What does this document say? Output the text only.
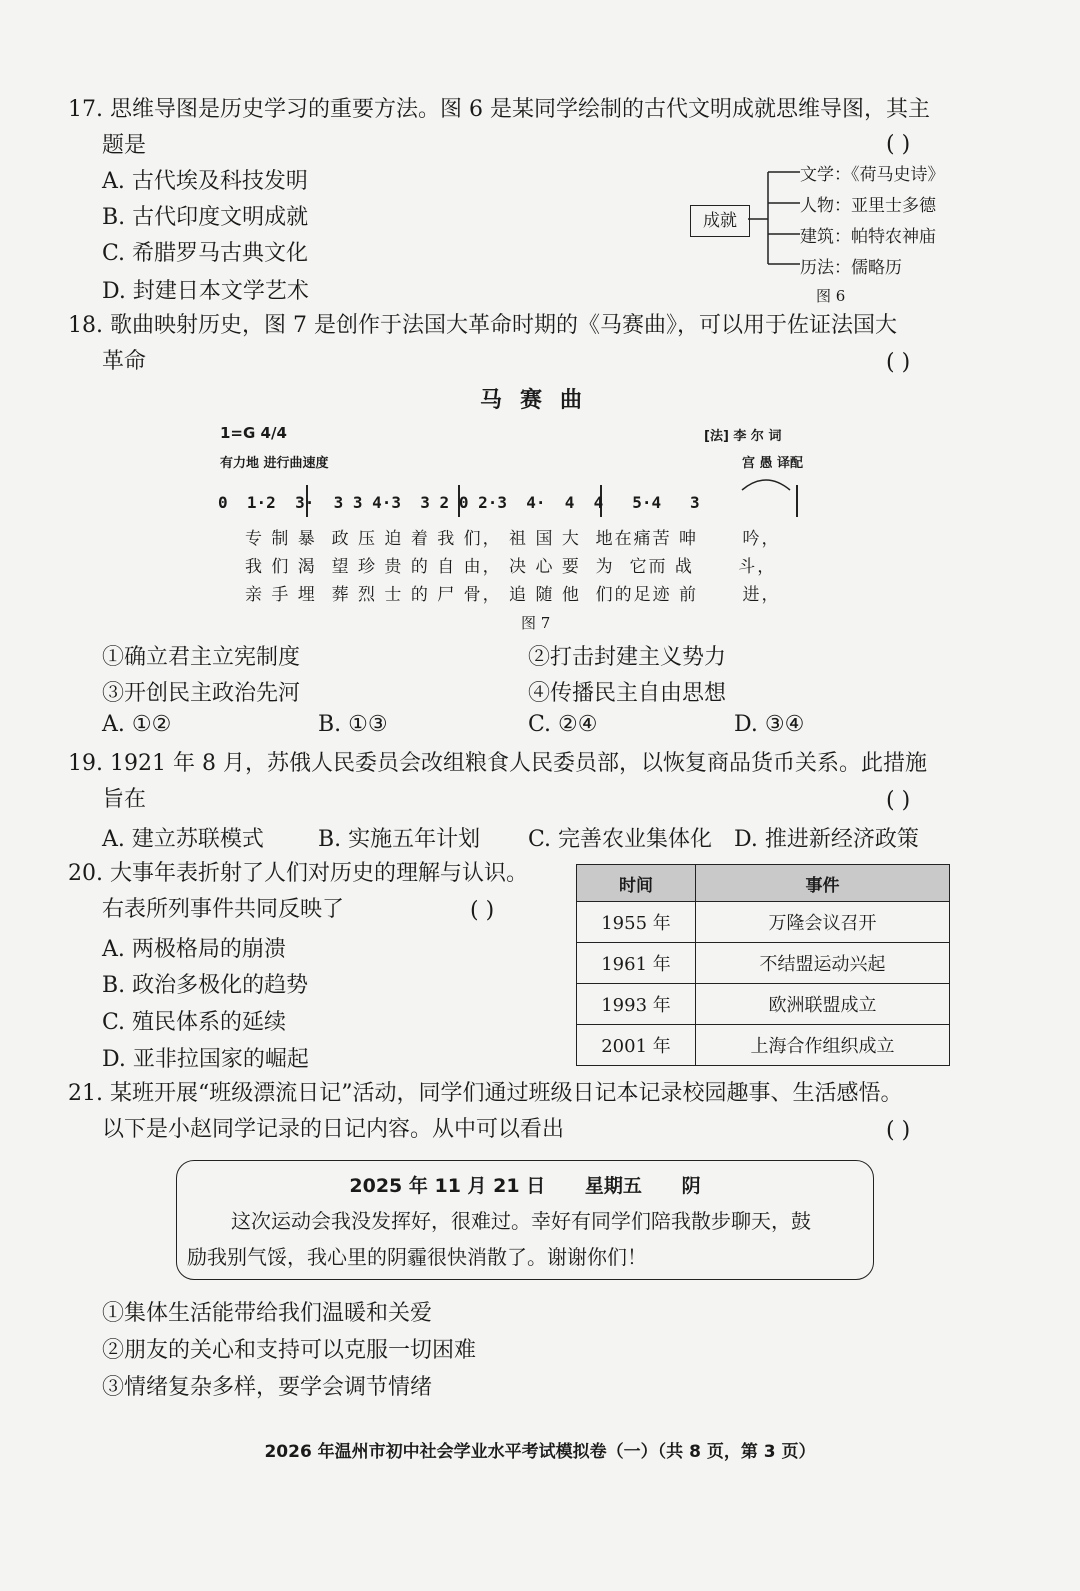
17. 思维导图是历史学习的重要方法。图 6 是某同学绘制的古代文明成就思维导图，其主
题是	( )
A. 古代埃及科技发明
B. 古代印度文明成就
C. 希腊罗马古典文化
D. 封建日本文学艺术
成就
文学：《荷马史诗》
人物：亚里士多德
建筑：帕特农神庙
历法：儒略历
图 6
18. 歌曲映射历史，图 7 是创作于法国大革命时期的《马赛曲》，可以用于佐证法国大
革命	( )
马赛曲
1=G 4/4
有力地 进行曲速度
[法] 李 尔 词
宫 愚 译配
0  1·2  3·  3 3 4·3  3 2 0 2·3  4·  4  4   5·4   3
专 制 暴  政 压 迫 着 我 们， 祖 国 大  地在痛苦 呻      吟，
我 们 渴  望 珍 贵 的 自 由， 决 心 要  为  它而 战      斗，
亲 手 埋  葬 烈 士 的 尸 骨， 追 随 他  们的足迹 前      进，
图 7
①确立君主立宪制度	②打击封建主义势力
③开创民主政治先河	④传播民主自由思想
A. ①②	B. ①③	C. ②④	D. ③④
19. 1921 年 8 月，苏俄人民委员会改组粮食人民委员部，以恢复商品货币关系。此措施
旨在	( )
A. 建立苏联模式 B. 实施五年计划 C. 完善农业集体化 D. 推进新经济政策
20. 大事年表折射了人们对历史的理解与认识。
右表所列事件共同反映了	( )
A. 两极格局的崩溃
B. 政治多极化的趋势
C. 殖民体系的延续
D. 亚非拉国家的崛起
时间	事件
1955 年	万隆会议召开
1961 年	不结盟运动兴起
1993 年	欧洲联盟成立
2001 年	上海合作组织成立
21. 某班开展“班级漂流日记”活动，同学们通过班级日记本记录校园趣事、生活感悟。
以下是小赵同学记录的日记内容。从中可以看出	( )
2025 年 11 月 21 日      星期五      阴
这次运动会我没发挥好，很难过。幸好有同学们陪我散步聊天，鼓
励我别气馁，我心里的阴霾很快消散了。谢谢你们！
①集体生活能带给我们温暖和关爱
②朋友的关心和支持可以克服一切困难
③情绪复杂多样，要学会调节情绪
2026 年温州市初中社会学业水平考试模拟卷（一）（共 8 页，第 3 页）
